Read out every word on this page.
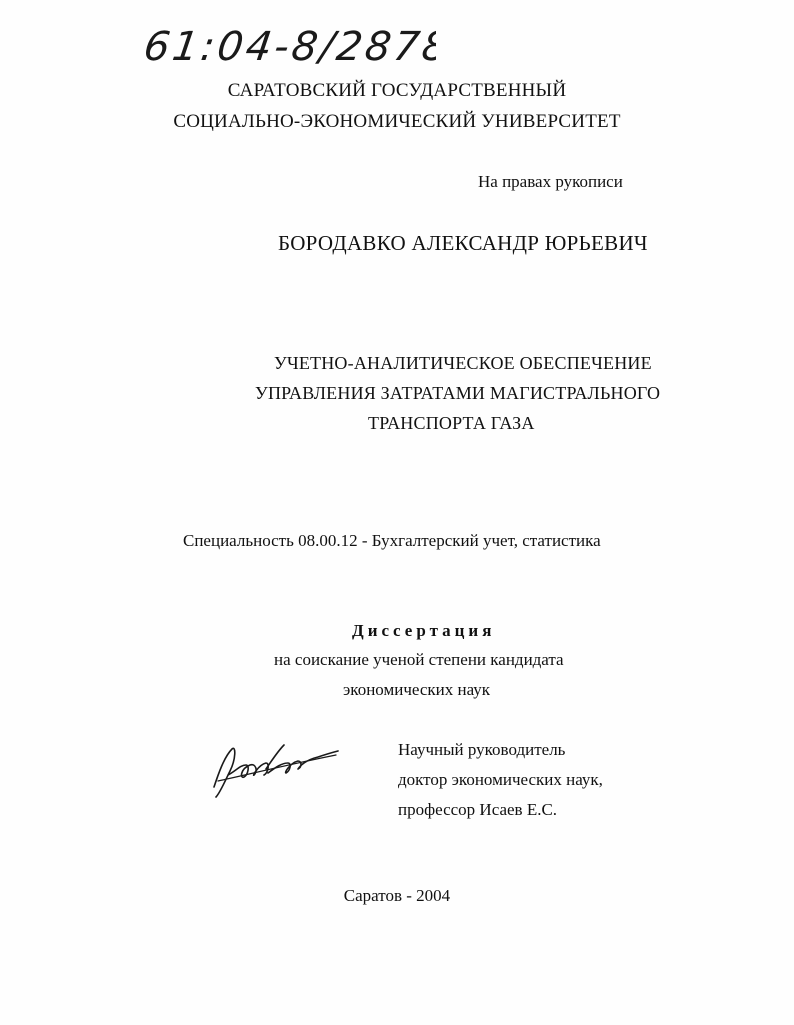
61:04-8/2878
САРАТОВСКИЙ ГОСУДАРСТВЕННЫЙ
СОЦИАЛЬНО-ЭКОНОМИЧЕСКИЙ УНИВЕРСИТЕТ
На правах рукописи
БОРОДАВКО АЛЕКСАНДР ЮРЬЕВИЧ
УЧЕТНО-АНАЛИТИЧЕСКОЕ ОБЕСПЕЧЕНИЕ
УПРАВЛЕНИЯ ЗАТРАТАМИ МАГИСТРАЛЬНОГО
ТРАНСПОРТА ГАЗА
Специальность 08.00.12 - Бухгалтерский учет, статистика
Диссертация
на соискание ученой степени кандидата
экономических наук
Научный руководитель
доктор экономических наук,
профессор Исаев Е.С.
Саратов - 2004
